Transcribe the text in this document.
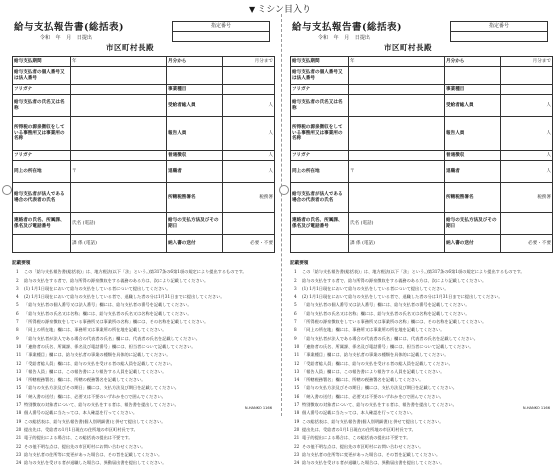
▼ ミシン目入り
給与支払報告書(総括表)
令和 年 月 日提出
指定番号
市区町村長殿
給与支払期間	年	月分から	月分まで
給与支払者の個人番号又は法人番号			
フリガナ		事業種目	
給与支払者の氏名又は名称		受給者総人員	人
所得税の源泉徴収をしている事務所又は事業所の名称		報告人員	人
フリガナ		普通徴収	人
同上の所在地	〒	退職者	人
給与支払者が法人である場合の代表者の氏名		所轄税務署名	税務署
連絡者の氏名、所属課、係名及び電話番号	氏名 (電話)	給与の支払方法及びその期日	
	課 係 (電話)	納入書の送付	必要・不要
記載要領
1 この「給与支払報告書(総括表)」は、地方税法(以下「法」という。)第317条の6第1項の規定により提出するものです。
2 給与の支払をする者で、給与所得の源泉徴収をする義務のある方は、次により記載してください。
3 (1) 1月1日現在において給与の支払をしている者について提出してください。
4 (2) 1月1日現在において給与の支払をしている者で、退職した者の分は1月31日までに提出してください。
5 「給与支払者の個人番号又は法人番号」欄には、給与支払者の番号を記載してください。
6 「給与支払者の氏名又は名称」欄には、給与支払者の氏名又は名称を記載してください。
7 「所得税の源泉徴収をしている事務所又は事業所の名称」欄には、その名称を記載してください。
8 「同上の所在地」欄には、事務所又は事業所の所在地を記載してください。
9 「給与支払者が法人である場合の代表者の氏名」欄には、代表者の氏名を記載してください。
10 「連絡者の氏名、所属課、係名及び電話番号」欄には、担当者について記載してください。
11 「事業種目」欄には、給与支払者の事業の種類を具体的に記載してください。
12 「受給者総人員」欄には、給与の支払を受ける者の総人員を記載してください。
13 「報告人員」欄には、この報告書により報告する人員を記載してください。
14 「所轄税務署名」欄には、所轄の税務署名を記載してください。
15 「給与の支払方法及びその期日」欄には、支払方法及び期日を記載してください。
16 「納入書の送付」欄には、必要又は不要のいずれかを○で囲んでください。
17 特別徴収の対象者について、給与の支払をする者は、報告書を提出してください。
18 個人番号の記載に当たっては、本人確認を行ってください。
19 この総括表は、給与支払報告書(個人別明細書)と併せて提出してください。
20 提出先は、受給者の1月1日現在の住所地の市区町村長です。
21 電子的提出による場合は、この総括表の提出は不要です。
22 その他不明な点は、提出先の市区町村にお問い合わせください。
23 給与支払者の住所等に変更があった場合は、その旨を記載してください。
24 給与の支払を受ける者が退職した場合は、異動届出書を提出してください。
N-HANKO 1166
給与支払報告書(総括表)
令和 年 月 日提出
指定番号
市区町村長殿
給与支払期間	年	月分から	月分まで
給与支払者の個人番号又は法人番号			
フリガナ		事業種目	
給与支払者の氏名又は名称		受給者総人員	人
所得税の源泉徴収をしている事務所又は事業所の名称		報告人員	人
フリガナ		普通徴収	人
同上の所在地	〒	退職者	人
給与支払者が法人である場合の代表者の氏名		所轄税務署名	税務署
連絡者の氏名、所属課、係名及び電話番号	氏名 (電話)	給与の支払方法及びその期日	
	課 係 (電話)	納入書の送付	必要・不要
記載要領
1 この「給与支払報告書(総括表)」は、地方税法(以下「法」という。)第317条の6第1項の規定により提出するものです。
2 給与の支払をする者で、給与所得の源泉徴収をする義務のある方は、次により記載してください。
3 (1) 1月1日現在において給与の支払をしている者について提出してください。
4 (2) 1月1日現在において給与の支払をしている者で、退職した者の分は1月31日までに提出してください。
5 「給与支払者の個人番号又は法人番号」欄には、給与支払者の番号を記載してください。
6 「給与支払者の氏名又は名称」欄には、給与支払者の氏名又は名称を記載してください。
7 「所得税の源泉徴収をしている事務所又は事業所の名称」欄には、その名称を記載してください。
8 「同上の所在地」欄には、事務所又は事業所の所在地を記載してください。
9 「給与支払者が法人である場合の代表者の氏名」欄には、代表者の氏名を記載してください。
10 「連絡者の氏名、所属課、係名及び電話番号」欄には、担当者について記載してください。
11 「事業種目」欄には、給与支払者の事業の種類を具体的に記載してください。
12 「受給者総人員」欄には、給与の支払を受ける者の総人員を記載してください。
13 「報告人員」欄には、この報告書により報告する人員を記載してください。
14 「所轄税務署名」欄には、所轄の税務署名を記載してください。
15 「給与の支払方法及びその期日」欄には、支払方法及び期日を記載してください。
16 「納入書の送付」欄には、必要又は不要のいずれかを○で囲んでください。
17 特別徴収の対象者について、給与の支払をする者は、報告書を提出してください。
18 個人番号の記載に当たっては、本人確認を行ってください。
19 この総括表は、給与支払報告書(個人別明細書)と併せて提出してください。
20 提出先は、受給者の1月1日現在の住所地の市区町村長です。
21 電子的提出による場合は、この総括表の提出は不要です。
22 その他不明な点は、提出先の市区町村にお問い合わせください。
23 給与支払者の住所等に変更があった場合は、その旨を記載してください。
24 給与の支払を受ける者が退職した場合は、異動届出書を提出してください。
N-HANKO 1166
